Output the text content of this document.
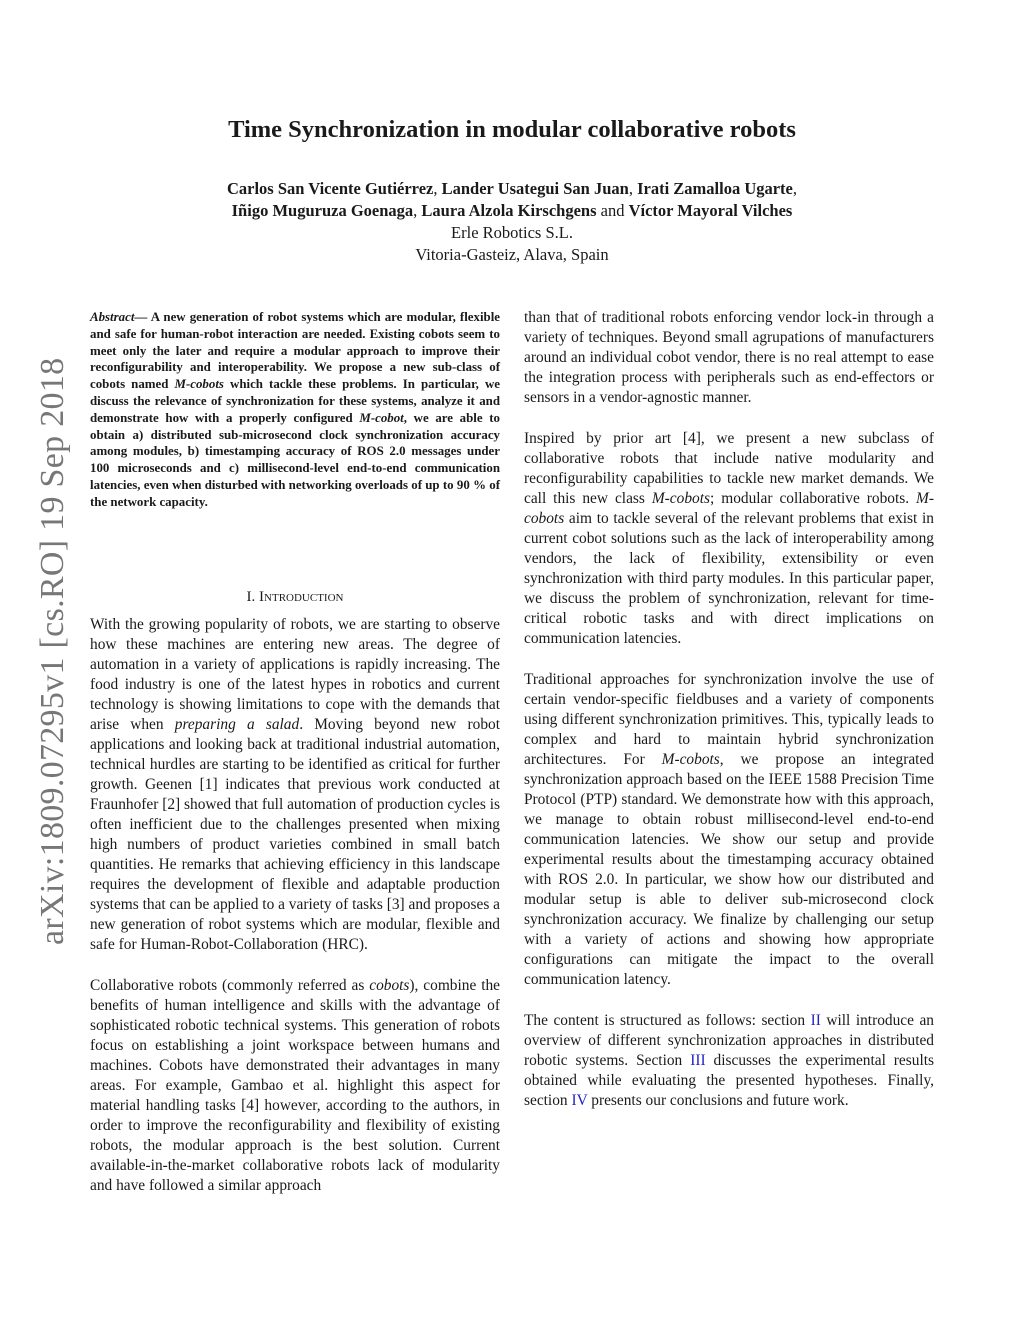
arXiv:1809.07295v1 [cs.RO] 19 Sep 2018
Time Synchronization in modular collaborative robots
Carlos San Vicente Gutiérrez, Lander Usategui San Juan, Irati Zamalloa Ugarte,
Iñigo Muguruza Goenaga, Laura Alzola Kirschgens and Víctor Mayoral Vilches
Erle Robotics S.L.
Vitoria-Gasteiz, Alava, Spain
Abstract— A new generation of robot systems which are modular, flexible and safe for human-robot interaction are needed. Existing cobots seem to meet only the later and require a modular approach to improve their reconfigurability and interoperability. We propose a new sub-class of cobots named M-cobots which tackle these problems. In particular, we discuss the relevance of synchronization for these systems, analyze it and demonstrate how with a properly configured M-cobot, we are able to obtain a) distributed sub-microsecond clock synchronization accuracy among modules, b) timestamping accuracy of ROS 2.0 messages under 100 microseconds and c) millisecond-level end-to-end communication latencies, even when disturbed with networking overloads of up to 90 % of the network capacity.
I. Introduction

With the growing popularity of robots, we are starting to observe how these machines are entering new areas. The degree of automation in a variety of applications is rapidly increasing. The food industry is one of the latest hypes in robotics and current technology is showing limitations to cope with the demands that arise when preparing a salad. Moving beyond new robot applications and looking back at traditional industrial automation, technical hurdles are starting to be identified as critical for further growth. Geenen [1] indicates that previous work conducted at Fraunhofer [2] showed that full automation of production cycles is often inefficient due to the challenges presented when mixing high numbers of product varieties combined in small batch quantities. He remarks that achieving efficiency in this landscape requires the development of flexible and adaptable production systems that can be applied to a variety of tasks [3] and proposes a new generation of robot systems which are modular, flexible and safe for Human-Robot-Collaboration (HRC).

Collaborative robots (commonly referred as cobots), combine the benefits of human intelligence and skills with the advantage of sophisticated robotic technical systems. This generation of robots focus on establishing a joint workspace between humans and machines. Cobots have demonstrated their advantages in many areas. For example, Gambao et al. highlight this aspect for material handling tasks [4] however, according to the authors, in order to improve the reconfigurability and flexibility of existing robots, the modular approach is the best solution. Current available-in-the-market collaborative robots lack of modularity and have followed a similar approach

than that of traditional robots enforcing vendor lock-in through a variety of techniques. Beyond small agrupations of manufacturers around an individual cobot vendor, there is no real attempt to ease the integration process with peripherals such as end-effectors or sensors in a vendor-agnostic manner.

Inspired by prior art [4], we present a new subclass of collaborative robots that include native modularity and reconfigurability capabilities to tackle new market demands. We call this new class M-cobots; modular collaborative robots. M-cobots aim to tackle several of the relevant problems that exist in current cobot solutions such as the lack of interoperability among vendors, the lack of flexibility, extensibility or even synchronization with third party modules. In this particular paper, we discuss the problem of synchronization, relevant for time-critical robotic tasks and with direct implications on communication latencies.

Traditional approaches for synchronization involve the use of certain vendor-specific fieldbuses and a variety of components using different synchronization primitives. This, typically leads to complex and hard to maintain hybrid synchronization architectures. For M-cobots, we propose an integrated synchronization approach based on the IEEE 1588 Precision Time Protocol (PTP) standard. We demonstrate how with this approach, we manage to obtain robust millisecond-level end-to-end communication latencies. We show our setup and provide experimental results about the timestamping accuracy obtained with ROS 2.0. In particular, we show how our distributed and modular setup is able to deliver sub-microsecond clock synchronization accuracy. We finalize by challenging our setup with a variety of actions and showing how appropriate configurations can mitigate the impact to the overall communication latency.

The content is structured as follows: section II will introduce an overview of different synchronization approaches in distributed robotic systems. Section III discusses the experimental results obtained while evaluating the presented hypotheses. Finally, section IV presents our conclusions and future work.
